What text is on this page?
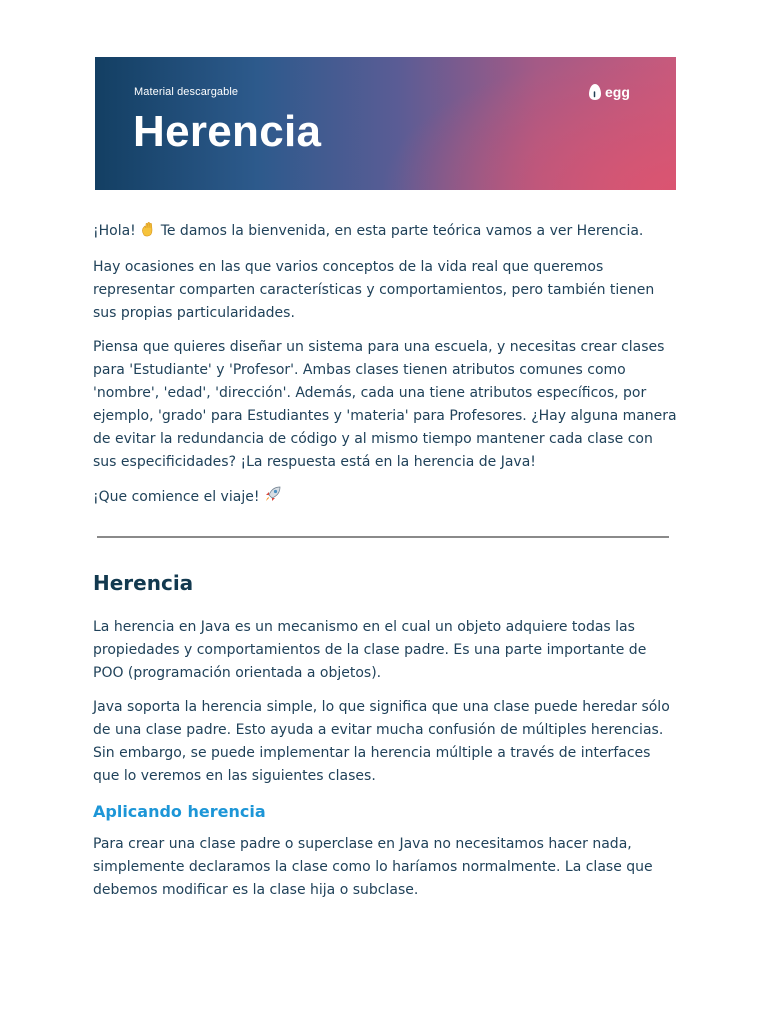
Material descargable
Herencia
egg

¡Hola!  Te damos la bienvenida, en esta parte teórica vamos a ver Herencia.

Hay ocasiones en las que varios conceptos de la vida real que queremos representar comparten características y comportamientos, pero también tienen sus propias particularidades.

Piensa que quieres diseñar un sistema para una escuela, y necesitas crear clases para 'Estudiante' y 'Profesor'. Ambas clases tienen atributos comunes como 'nombre', 'edad', 'dirección'. Además, cada una tiene atributos específicos, por ejemplo, 'grado' para Estudiantes y 'materia' para Profesores. ¿Hay alguna manera de evitar la redundancia de código y al mismo tiempo mantener cada clase con sus especificidades? ¡La respuesta está en la herencia de Java!

¡Que comience el viaje!

Herencia

La herencia en Java es un mecanismo en el cual un objeto adquiere todas las propiedades y comportamientos de la clase padre. Es una parte importante de POO (programación orientada a objetos).

Java soporta la herencia simple, lo que significa que una clase puede heredar sólo de una clase padre. Esto ayuda a evitar mucha confusión de múltiples herencias. Sin embargo, se puede implementar la herencia múltiple a través de interfaces que lo veremos en las siguientes clases.

Aplicando herencia

Para crear una clase padre o superclase en Java no necesitamos hacer nada, simplemente declaramos la clase como lo haríamos normalmente. La clase que debemos modificar es la clase hija o subclase.
